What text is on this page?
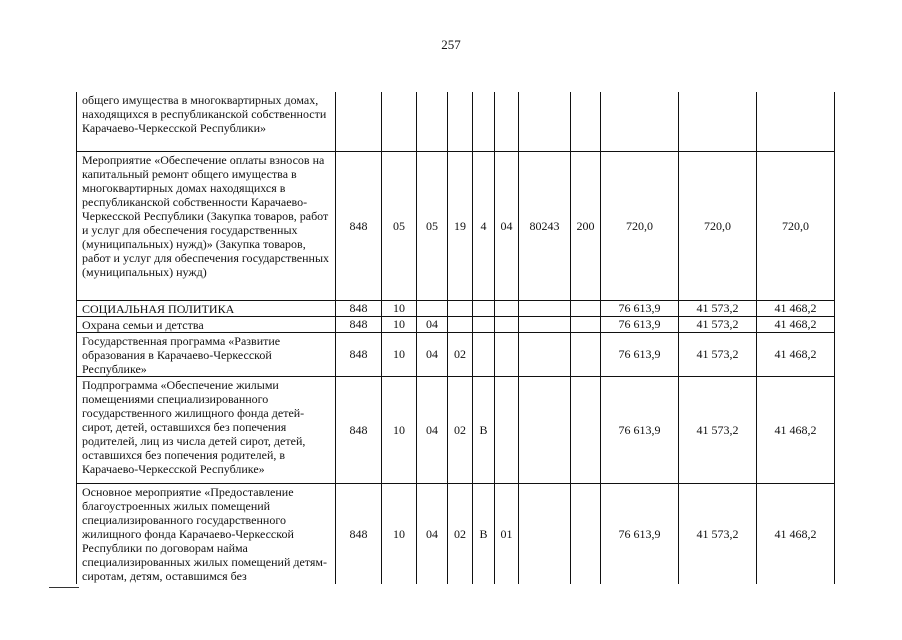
257
общего имущества в многоквартирных домах, находящихся в республиканской собственности Карачаево-Черкесской Республики»											
Мероприятие «Обеспечение оплаты взносов на капитальный ремонт общего имущества в многоквартирных домах находящихся в республиканской собственности Карачаево-Черкесской Республики (Закупка товаров, работ и услуг для обеспечения государственных (муниципальных) нужд)» (Закупка товаров, работ и услуг для обеспечения государственных (муниципальных) нужд)	848	05	05	19	4	04	80243	200	720,0	720,0	720,0
СОЦИАЛЬНАЯ ПОЛИТИКА	848	10							76 613,9	41 573,2	41 468,2
Охрана семьи и детства	848	10	04						76 613,9	41 573,2	41 468,2
Государственная программа «Развитие образования в Карачаево-Черкесской Республике»	848	10	04	02					76 613,9	41 573,2	41 468,2
Подпрограмма «Обеспечение жилыми помещениями специализированного государственного жилищного фонда детей-сирот, детей, оставшихся без попечения родителей, лиц из числа детей сирот, детей, оставшихся без попечения родителей, в Карачаево-Черкесской Республике»	848	10	04	02	В				76 613,9	41 573,2	41 468,2
Основное мероприятие «Предоставление благоустроенных жилых помещений специализированного государственного жилищного фонда Карачаево-Черкесской Республики по договорам найма специализированных жилых помещений детям-сиротам, детям, оставшимся без	848	10	04	02	В	01			76 613,9	41 573,2	41 468,2
